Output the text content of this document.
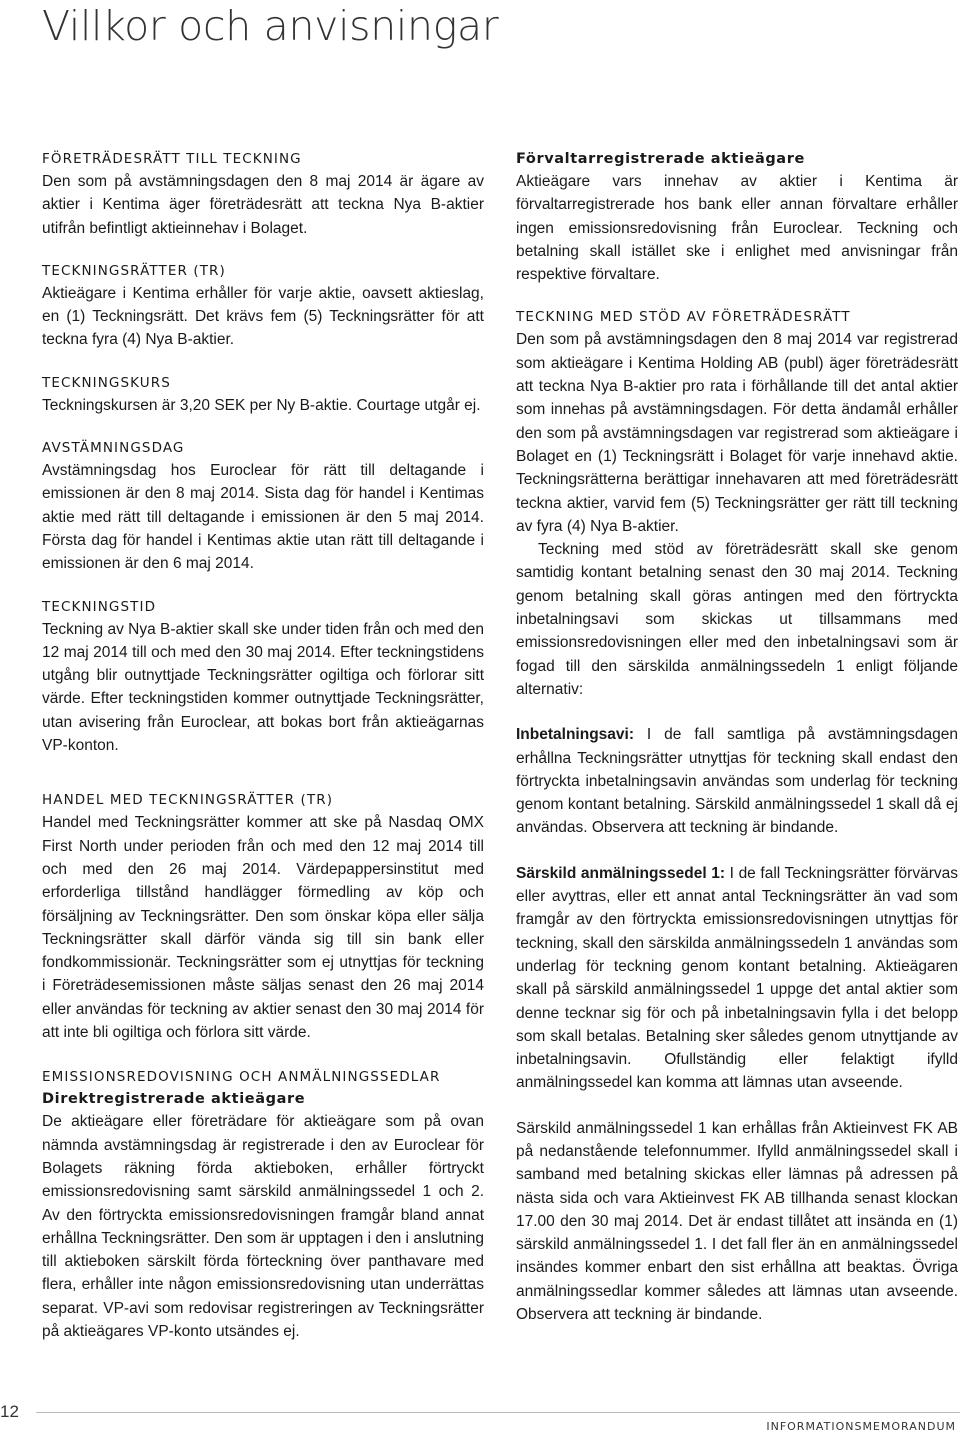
Villkor och anvisningar
FÖRETRÄDESRÄTT TILL TECKNING

Den som på avstämningsdagen den 8 maj 2014 är ägare av aktier i Kentima äger företrädesrätt att teckna Nya B-aktier utifrån befintligt aktieinnehav i Bolaget.

TECKNINGSRÄTTER (TR)

Aktieägare i Kentima erhåller för varje aktie, oavsett aktieslag, en (1) Teckningsrätt. Det krävs fem (5) Teckningsrätter för att teckna fyra (4) Nya B-aktier.

TECKNINGSKURS

Teckningskursen är 3,20 SEK per Ny B-aktie. Courtage utgår ej.

AVSTÄMNINGSDAG

Avstämningsdag hos Euroclear för rätt till deltagande i emissionen är den 8 maj 2014. Sista dag för handel i Kentimas aktie med rätt till deltagande i emissionen är den 5 maj 2014. Första dag för handel i Kentimas aktie utan rätt till deltagande i emissionen är den 6 maj 2014.

TECKNINGSTID

Teckning av Nya B-aktier skall ske under tiden från och med den 12 maj 2014 till och med den 30 maj 2014. Efter teckningstidens utgång blir outnyttjade Teckningsrätter ogiltiga och förlorar sitt värde. Efter teckningstiden kommer outnyttjade Teckningsrätter, utan avisering från Euroclear, att bokas bort från aktieägarnas VP-konton.

HANDEL MED TECKNINGSRÄTTER (TR)

Handel med Teckningsrätter kommer att ske på Nasdaq OMX First North under perioden från och med den 12 maj 2014 till och med den 26 maj 2014. Värdepappersinstitut med erforderliga tillstånd handlägger förmedling av köp och försäljning av Teckningsrätter. Den som önskar köpa eller sälja Teckningsrätter skall därför vända sig till sin bank eller fondkommissionär. Teckningsrätter som ej utnyttjas för teckning i Företrädesemissionen måste säljas senast den 26 maj 2014 eller användas för teckning av aktier senast den 30 maj 2014 för att inte bli ogiltiga och förlora sitt värde.

EMISSIONSREDOVISNING OCH ANMÄLNINGSSEDLAR
Direktregistrerade aktieägare

De aktieägare eller företrädare för aktieägare som på ovan nämnda avstämningsdag är registrerade i den av Euroclear för Bolagets räkning förda aktieboken, erhåller förtryckt emissionsredovisning samt särskild anmälningssedel 1 och 2. Av den förtryckta emissionsredovisningen framgår bland annat erhållna Teckningsrätter. Den som är upptagen i den i anslutning till aktieboken särskilt förda förteckning över panthavare med flera, erhåller inte någon emissionsredovisning utan underrättas separat. VP-avi som redovisar registreringen av Teckningsrätter på aktieägares VP-konto utsändes ej.

Förvaltarregistrerade aktieägare

Aktieägare vars innehav av aktier i Kentima är förvaltarregistrerade hos bank eller annan förvaltare erhåller ingen emissionsredovisning från Euroclear. Teckning och betalning skall istället ske i enlighet med anvisningar från respektive förvaltare.

TECKNING MED STÖD AV FÖRETRÄDESRÄTT

Den som på avstämningsdagen den 8 maj 2014 var registrerad som aktieägare i Kentima Holding AB (publ) äger företrädesrätt att teckna Nya B-aktier pro rata i förhållande till det antal aktier som innehas på avstämningsdagen. För detta ändamål erhåller den som på avstämningsdagen var registrerad som aktieägare i Bolaget en (1) Teckningsrätt i Bolaget för varje innehavd aktie. Teckningsrätterna berättigar innehavaren att med företrädesrätt teckna aktier, varvid fem (5) Teckningsrätter ger rätt till teckning av fyra (4) Nya B-aktier.

Teckning med stöd av företrädesrätt skall ske genom samtidig kontant betalning senast den 30 maj 2014. Teckning genom betalning skall göras antingen med den förtryckta inbetalningsavi som skickas ut tillsammans med emissionsredovisningen eller med den inbetalningsavi som är fogad till den särskilda anmälningssedeln 1 enligt följande alternativ:

Inbetalningsavi: I de fall samtliga på avstämningsdagen erhållna Teckningsrätter utnyttjas för teckning skall endast den förtryckta inbetalningsavin användas som underlag för teckning genom kontant betalning. Särskild anmälningssedel 1 skall då ej användas. Observera att teckning är bindande.

Särskild anmälningssedel 1: I de fall Teckningsrätter förvärvas eller avyttras, eller ett annat antal Teckningsrätter än vad som framgår av den förtryckta emissionsredovisningen utnyttjas för teckning, skall den särskilda anmälningssedeln 1 användas som underlag för teckning genom kontant betalning. Aktieägaren skall på särskild anmälningssedel 1 uppge det antal aktier som denne tecknar sig för och på inbetalningsavin fylla i det belopp som skall betalas. Betalning sker således genom utnyttjande av inbetalningsavin. Ofullständig eller felaktigt ifylld anmälningssedel kan komma att lämnas utan avseende.

Särskild anmälningssedel 1 kan erhållas från Aktieinvest FK AB på nedanstående telefonnummer. Ifylld anmälningssedel skall i samband med betalning skickas eller lämnas på adressen på nästa sida och vara Aktieinvest FK AB tillhanda senast klockan 17.00 den 30 maj 2014. Det är endast tillåtet att insända en (1) särskild anmälningssedel 1. I det fall fler än en anmälningssedel insändes kommer enbart den sist erhållna att beaktas. Övriga anmälningssedlar kommer således att lämnas utan avseende. Observera att teckning är bindande.

12
INFORMATIONSMEMORANDUM
